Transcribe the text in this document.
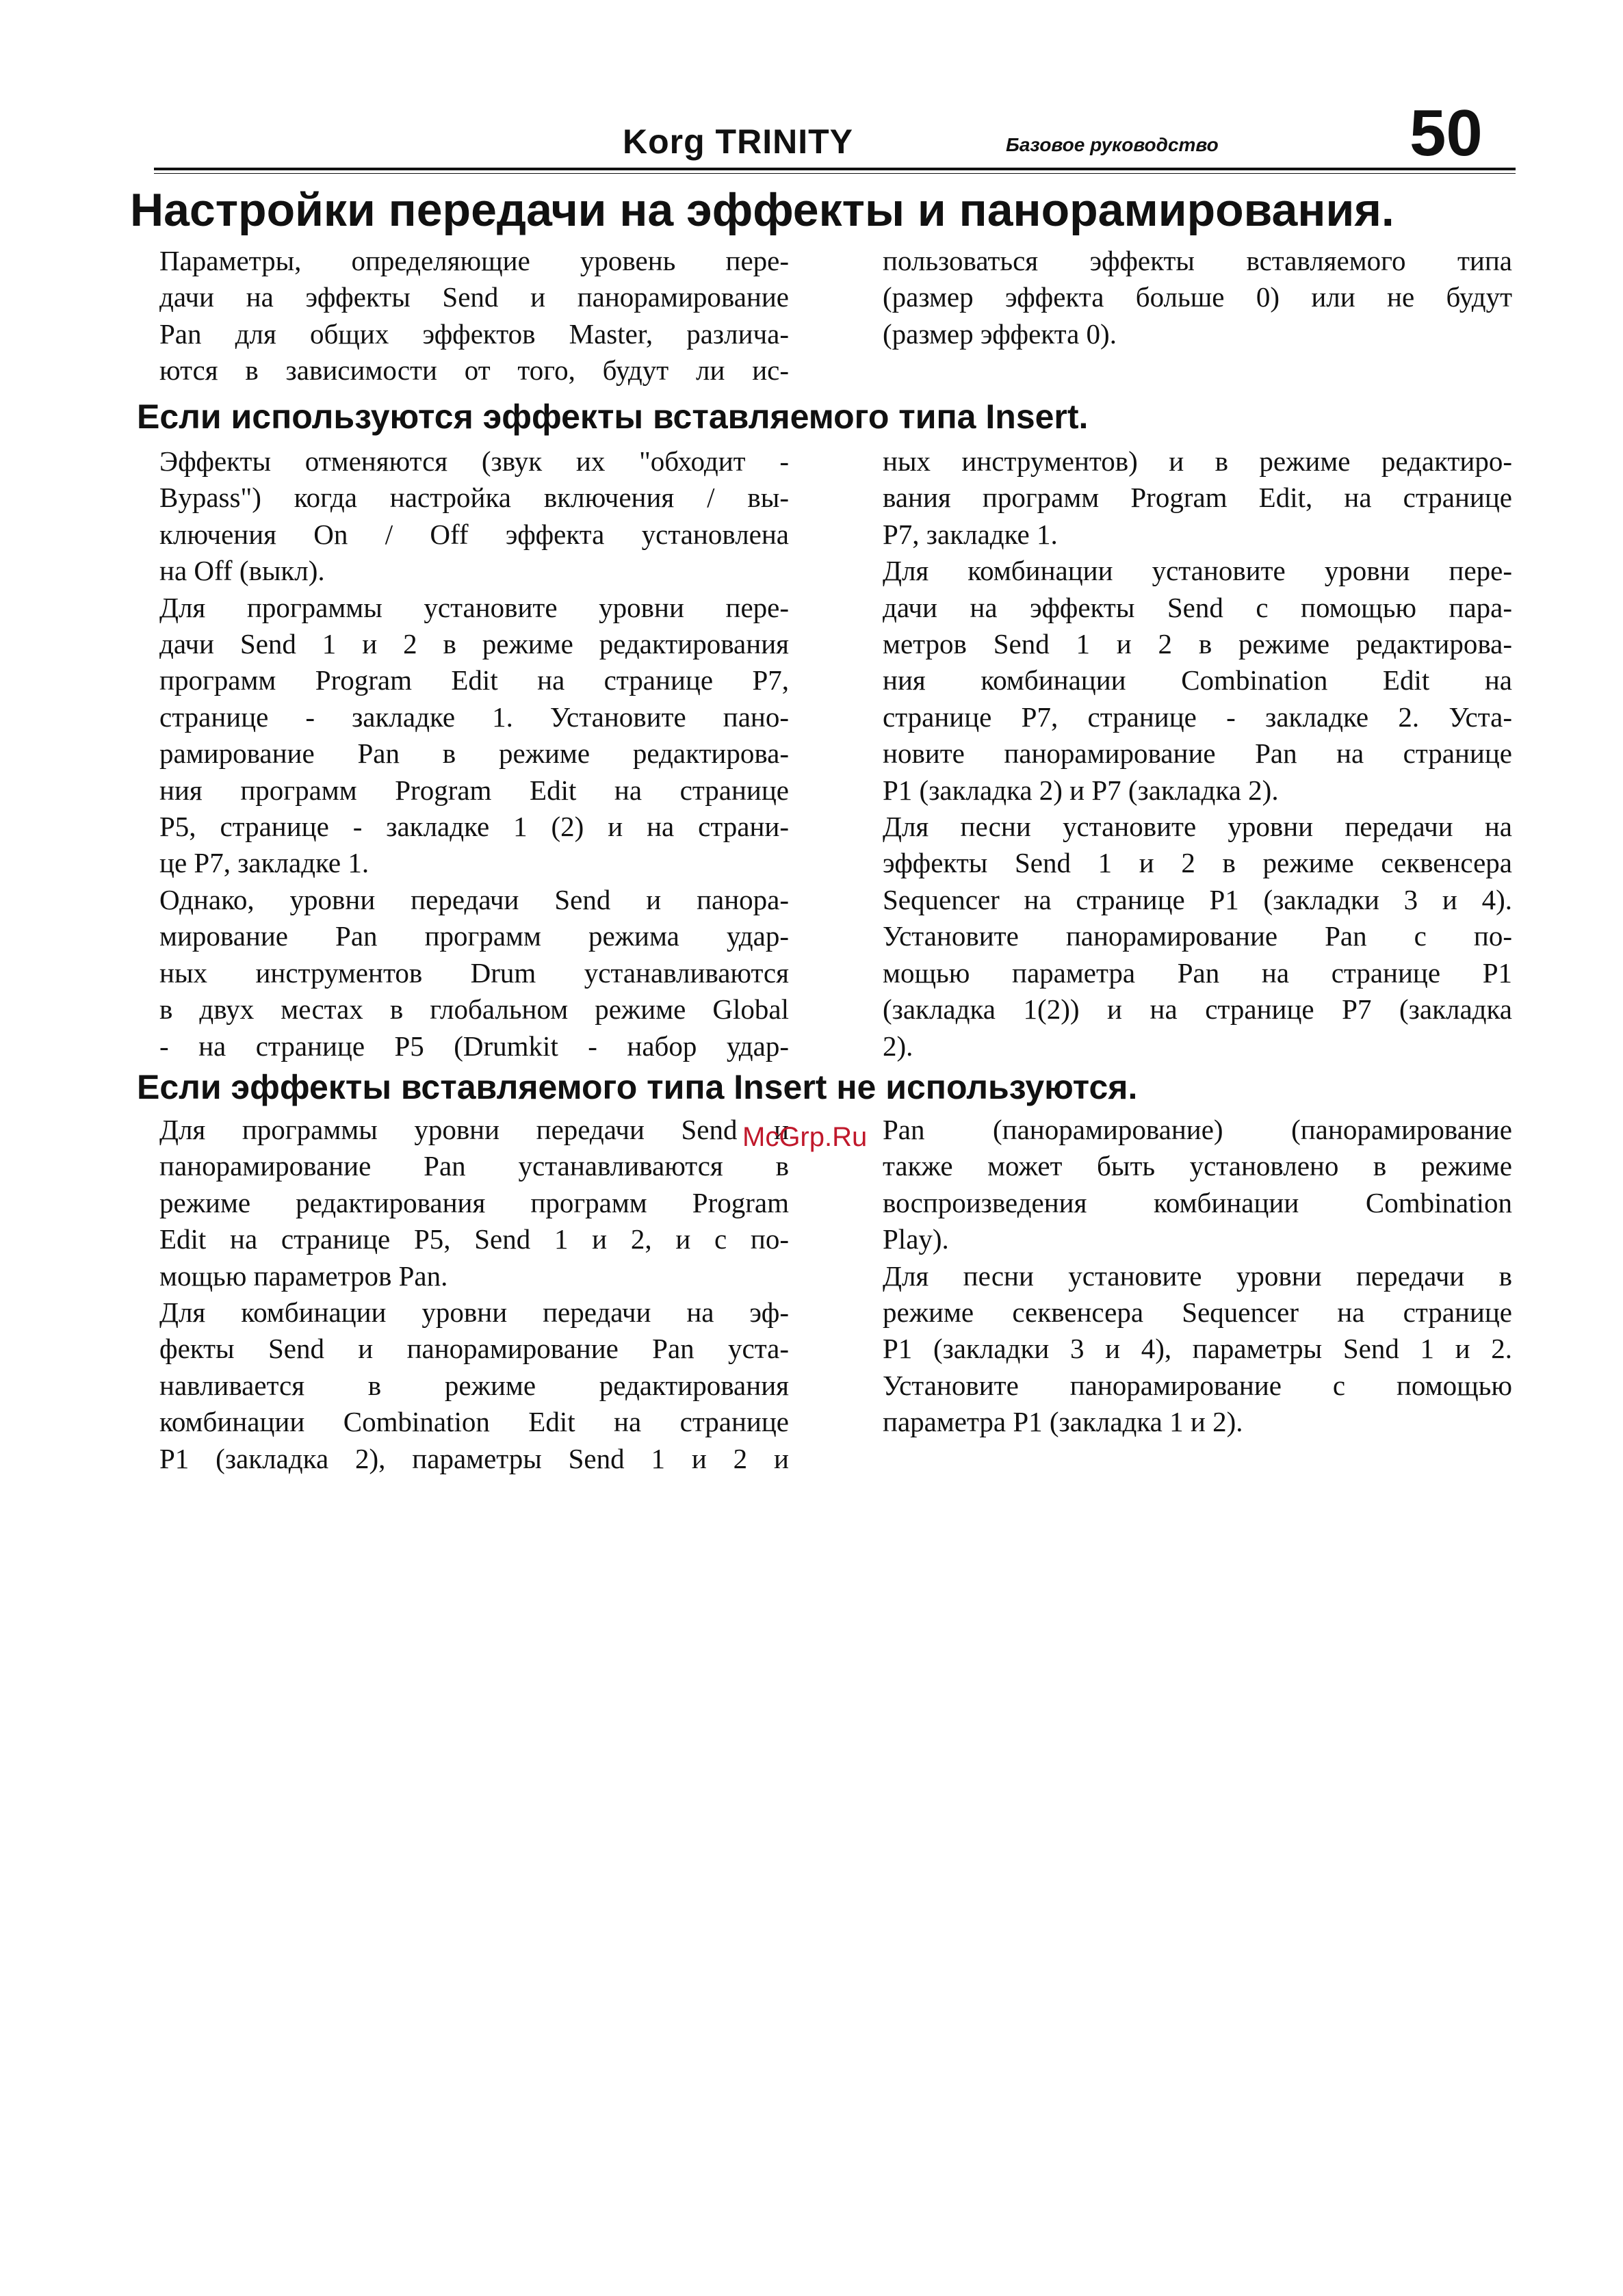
Korg TRINITY	Базовое руководство	50
Настройки передачи на эффекты и панорамирования.
Параметры, определяющие уровень пере-
дачи на эффекты Send и панорамирование
Pan для общих эффектов Master, различа-
ются в зависимости от того, будут ли ис-
пользоваться эффекты вставляемого типа
(размер эффекта больше 0) или не будут
(размер эффекта 0).
Если используются эффекты вставляемого типа Insert.

Эффекты отменяются (звук их "обходит -
Bypass") когда настройка включения / вы-
ключения On / Off эффекта установлена
на Off (выкл).

Для программы установите уровни пере-
дачи Send 1 и 2 в режиме редактирования
программ Program Edit на странице P7,
странице - закладке 1. Установите пано-
рамирование Pan в режиме редактирова-
ния программ Program Edit на странице
P5, странице - закладке 1 (2) и на страни-
це P7, закладке 1.

Однако, уровни передачи Send и панора-
мирование Pan программ режима удар-
ных инструментов Drum устанавливаются
в двух местах в глобальном режиме Global
- на странице P5 (Drumkit - набор удар-

ных инструментов) и в режиме редактиро-
вания программ Program Edit, на странице
P7, закладке 1.

Для комбинации установите уровни пере-
дачи на эффекты Send с помощью пара-
метров Send 1 и 2 в режиме редактирова-
ния комбинации Combination Edit на
странице P7, странице - закладке 2. Уста-
новите панорамирование Pan на странице
P1 (закладка 2) и P7 (закладка 2).

Для песни установите уровни передачи на
эффекты Send 1 и 2 в режиме секвенсера
Sequencer на странице P1 (закладки 3 и 4).
Установите панорамирование Pan с по-
мощью параметра Pan на странице P1
(закладка 1(2)) и на странице P7 (закладка
2).

Если эффекты вставляемого типа Insert не используются.

Для программы уровни передачи Send и
панорамирование Pan устанавливаются в
режиме редактирования программ Program
Edit на странице P5, Send 1 и 2, и с по-
мощью параметров Pan.

Для комбинации уровни передачи на эф-
фекты Send и панорамирование Pan уста-
навливается в режиме редактирования
комбинации Combination Edit на странице
P1 (закладка 2), параметры Send 1 и 2 и

Pan (панорамирование) (панорамирование
также может быть установлено в режиме
воспроизведения комбинации Combination
Play).

Для песни установите уровни передачи в
режиме секвенсера Sequencer на странице
P1 (закладки 3 и 4), параметры Send 1 и 2.
Установите панорамирование с помощью
параметра P1 (закладка 1 и 2).

McGrp.Ru
